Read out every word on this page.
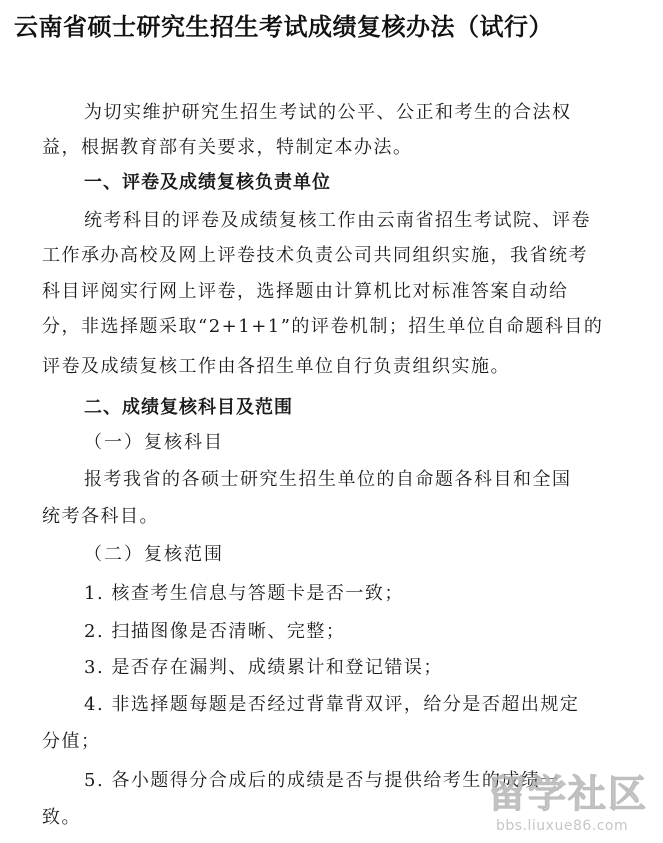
云南省硕士研究生招生考试成绩复核办法（试行）
为切实维护研究生招生考试的公平、公正和考生的合法权
益，根据教育部有关要求，特制定本办法。
一、评卷及成绩复核负责单位
统考科目的评卷及成绩复核工作由云南省招生考试院、评卷
工作承办高校及网上评卷技术负责公司共同组织实施，我省统考
科目评阅实行网上评卷，选择题由计算机比对标准答案自动给
分，非选择题采取“2+1+1”的评卷机制；招生单位自命题科目的
评卷及成绩复核工作由各招生单位自行负责组织实施。
二、成绩复核科目及范围
（一）复核科目
报考我省的各硕士研究生招生单位的自命题各科目和全国
统考各科目。
（二）复核范围
1. 核查考生信息与答题卡是否一致；
2. 扫描图像是否清晰、完整；
3. 是否存在漏判、成绩累计和登记错误；
4. 非选择题每题是否经过背靠背双评，给分是否超出规定
分值；
5. 各小题得分合成后的成绩是否与提供给考生的成绩一
致。
留学社区
bbs.liuxue86.com
